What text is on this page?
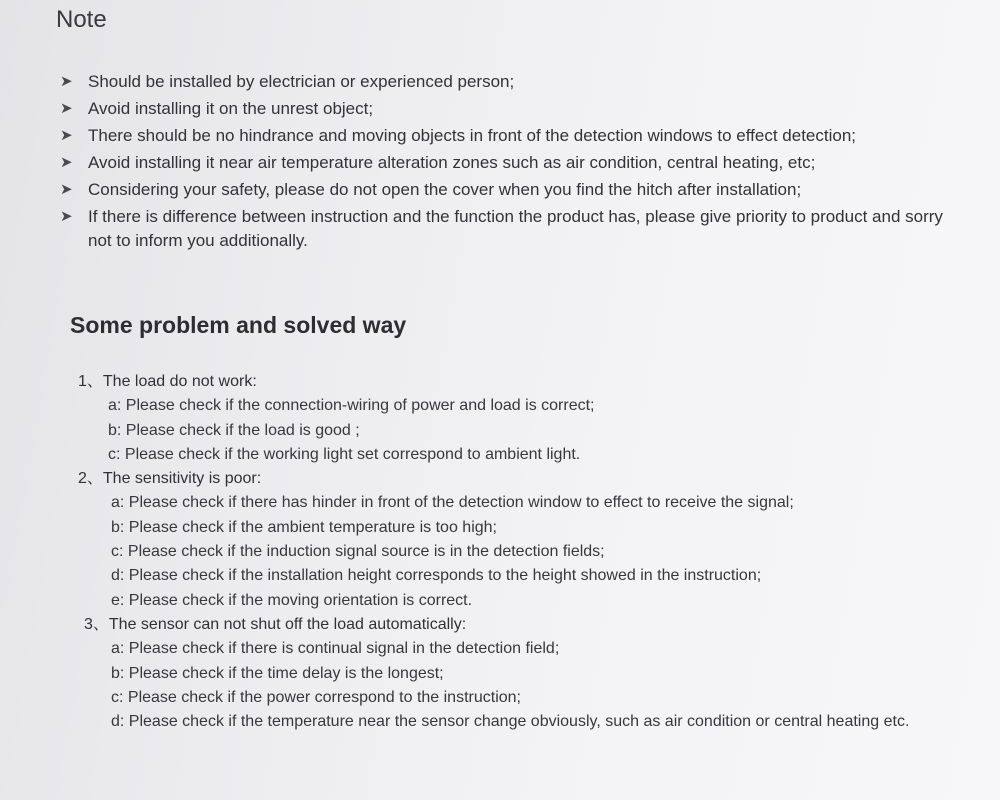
Note
➤ Should be installed by electrician or experienced person;
➤ Avoid installing it on the unrest object;
➤ There should be no hindrance and moving objects in front of the detection windows to effect detection;
➤ Avoid installing it near air temperature alteration zones such as air condition, central heating, etc;
➤ Considering your safety, please do not open the cover when you find the hitch after installation;
➤ If there is difference between instruction and the function the product has, please give priority to product and sorry not to inform you additionally.
Some problem and solved way
1、The load do not work:
a: Please check if the connection-wiring of power and load is correct;
b: Please check if the load is good ;
c: Please check if the working light set correspond to ambient light.
2、The sensitivity is poor:
a: Please check if there has hinder in front of the detection window to effect to receive the signal;
b: Please check if the ambient temperature is too high;
c: Please check if the induction signal source is in the detection fields;
d: Please check if the installation height corresponds to the height showed in the instruction;
e: Please check if the moving orientation is correct.
3、The sensor can not shut off the load automatically:
a: Please check if there is continual signal in the detection field;
b: Please check if the time delay is the longest;
c: Please check if the power correspond to the instruction;
d: Please check if the temperature near the sensor change obviously, such as air condition or central heating etc.
